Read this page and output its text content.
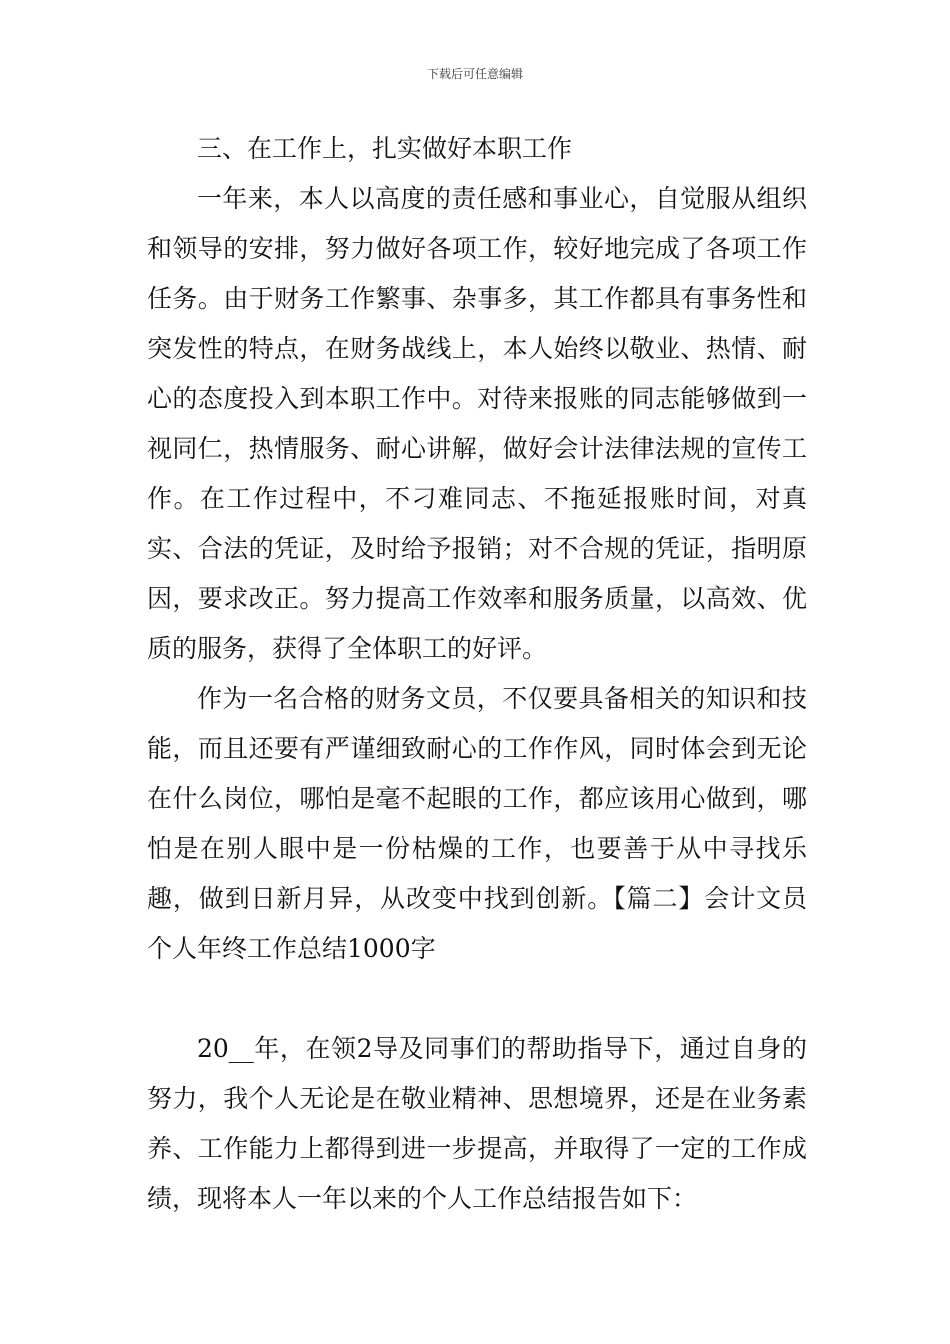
下载后可任意编辑

三、在工作上，扎实做好本职工作

一年来，本人以高度的责任感和事业心，自觉服从组织和领导的安排，努力做好各项工作，较好地完成了各项工作任务。由于财务工作繁事、杂事多，其工作都具有事务性和突发性的特点，在财务战线上，本人始终以敬业、热情、耐心的态度投入到本职工作中。对待来报账的同志能够做到一视同仁，热情服务、耐心讲解，做好会计法律法规的宣传工作。在工作过程中，不刁难同志、不拖延报账时间，对真实、合法的凭证，及时给予报销；对不合规的凭证，指明原因，要求改正。努力提高工作效率和服务质量，以高效、优质的服务，获得了全体职工的好评。

作为一名合格的财务文员，不仅要具备相关的知识和技能，而且还要有严谨细致耐心的工作作风，同时体会到无论在什么岗位，哪怕是毫不起眼的工作，都应该用心做到，哪怕是在别人眼中是一份枯燥的工作，也要善于从中寻找乐趣，做到日新月异，从改变中找到创新。【篇二】会计文员个人年终工作总结1000字

20__年，在领2导及同事们的帮助指导下，通过自身的努力，我个人无论是在敬业精神、思想境界，还是在业务素养、工作能力上都得到进一步提高，并取得了一定的工作成绩，现将本人一年以来的个人工作总结报告如下：
